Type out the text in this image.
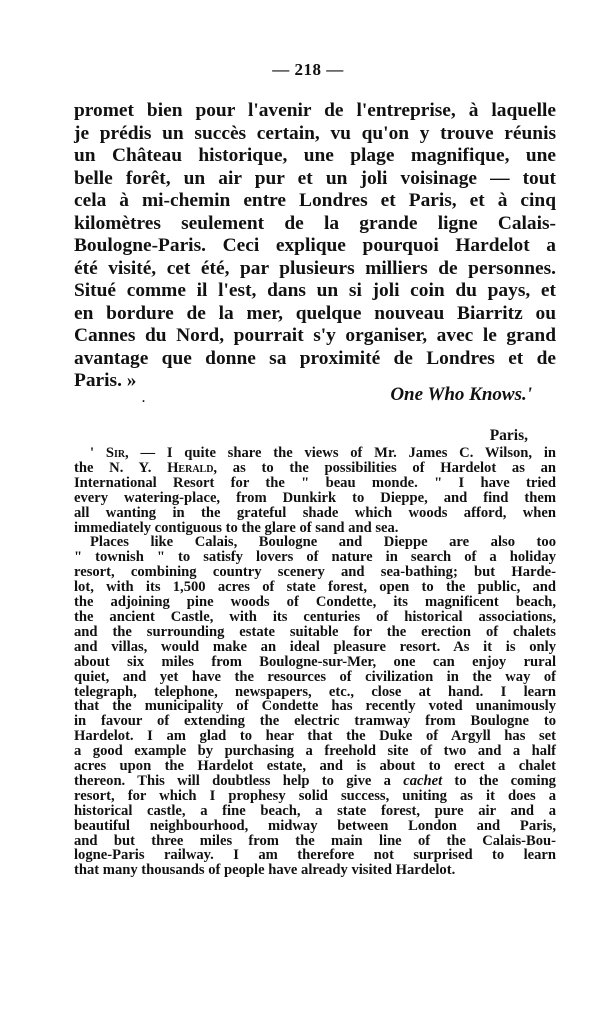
— 218 —
promet bien pour l'avenir de l'entreprise, à laquelle
je prédis un succès certain, vu qu'on y trouve réunis
un Château historique, une plage magnifique, une
belle forêt, un air pur et un joli voisinage — tout
cela à mi-chemin entre Londres et Paris, et à cinq
kilomètres seulement de la grande ligne Calais-
Boulogne-Paris. Ceci explique pourquoi Hardelot a
été visité, cet été, par plusieurs milliers de personnes.
Situé comme il l'est, dans un si joli coin du pays, et
en bordure de la mer, quelque nouveau Biarritz ou
Cannes du Nord, pourrait s'y organiser, avec le grand
avantage que donne sa proximité de Londres et de
Paris. »
.	One Who Knows.'
Paris,
' Sir, — I quite share the views of Mr. James C. Wilson, in
the N. Y. Herald, as to the possibilities of Hardelot as an
International Resort for the " beau monde. " I have tried
every watering-place, from Dunkirk to Dieppe, and find them
all wanting in the grateful shade which woods afford, when
immediately contiguous to the glare of sand and sea.
Places like Calais, Boulogne and Dieppe are also too
" townish " to satisfy lovers of nature in search of a holiday
resort, combining country scenery and sea-bathing; but Harde-
lot, with its 1,500 acres of state forest, open to the public, and
the adjoining pine woods of Condette, its magnificent beach,
the ancient Castle, with its centuries of historical associations,
and the surrounding estate suitable for the erection of chalets
and villas, would make an ideal pleasure resort. As it is only
about six miles from Boulogne-sur-Mer, one can enjoy rural
quiet, and yet have the resources of civilization in the way of
telegraph, telephone, newspapers, etc., close at hand. I learn
that the municipality of Condette has recently voted unanimously
in favour of extending the electric tramway from Boulogne to
Hardelot. I am glad to hear that the Duke of Argyll has set
a good example by purchasing a freehold site of two and a half
acres upon the Hardelot estate, and is about to erect a chalet
thereon. This will doubtless help to give a cachet to the coming
resort, for which I prophesy solid success, uniting as it does a
historical castle, a fine beach, a state forest, pure air and a
beautiful neighbourhood, midway between London and Paris,
and but three miles from the main line of the Calais-Bou-
logne-Paris railway. I am therefore not surprised to learn
that many thousands of people have already visited Hardelot.
